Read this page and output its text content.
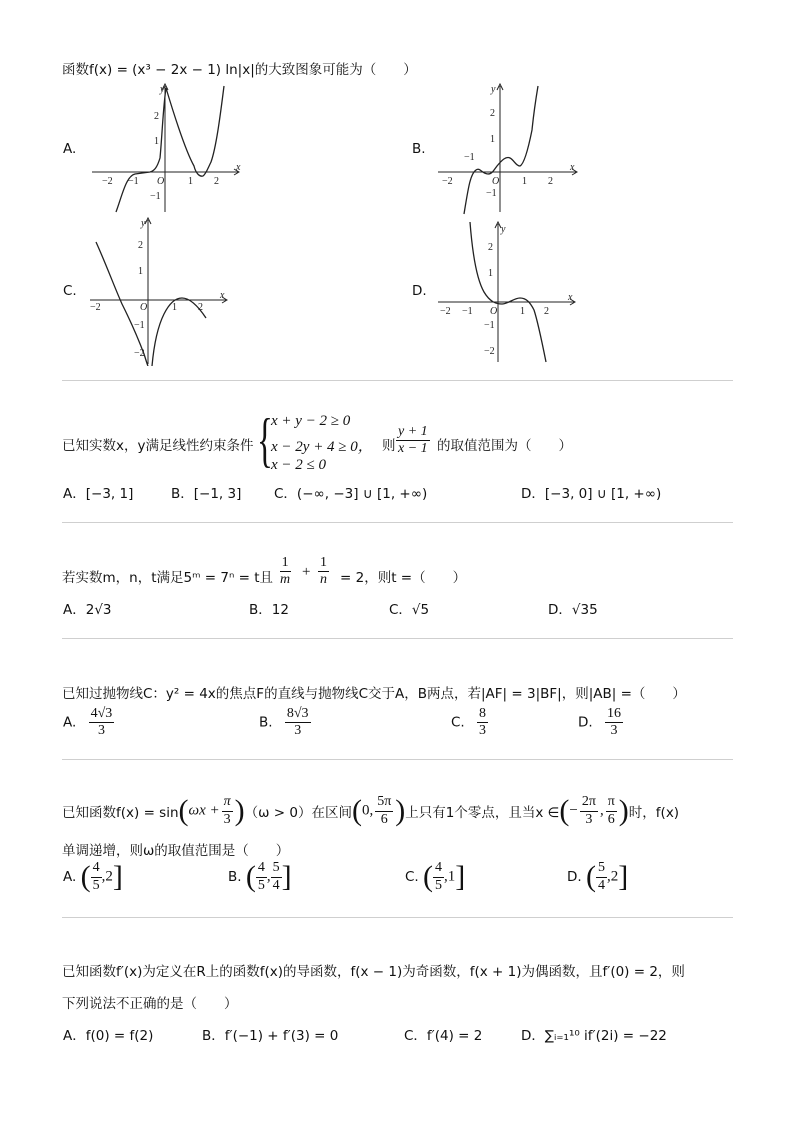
函数f(x) = (x³ − 2x − 1) ln|x|的大致图象可能为（　　）
A.	B.
C.	D.
y
x
O
2
1
−1
−2 −1	1 2
y
x
O
2
1
−1
−2
−1
1 2
y
x
O
2
1
−1
−2
−2	1 2
y
x
O
2
1
−1
−2
−2 −1	1 2
已知实数x，y满足线性约束条件 {
x + y − 2 ≥ 0
x − 2y + 4 ≥ 0，
x − 2 ≤ 0
则 $\frac{y + 1}{x - 1}$ 的取值范围为（　　）
A．[−3, 1]	B．[−1, 3] C．(−∞, −3] ∪ [1, +∞)	D．[−3, 0] ∪ [1, +∞)
若实数m，n，t满足5ᵐ = 7ⁿ = t且 $\frac{1}{m} + \frac{1}{n} = 2$，则t =（　　）
A．2√3	B．12	C．√5	D．√35
已知过抛物线C：y² = 4x的焦点F的直线与抛物线C交于A，B两点，若|AF| = 3|BF|，则|AB| =（　　）
A. $\frac{4√3}{3}$	B. $\frac{8√3}{3}$	C. $\frac{8}{3}$	D. $\frac{16}{3}$
已知函数$f(x) = \sin(\omega x + \frac{\pi}{3} )(\omega > 0)$在区间(0, $\frac{5\pi}{6}$ )上只有1个零点，且当x ∈(− $\frac{2\pi}{3}$ , $\frac{\pi}{6}$ )时，f(x)
单调递增，则ω的取值范围是（　　）
A. ( $\frac{4}{5} ,2$]	B. ( $\frac{4}{5}$ , $\frac{5}{4}$ ]	C. ( $\frac{4}{5} ,1$]	D. ( $\frac{5}{4} ,2$]
已知函数f′(x)为定义在R上的函数f(x)的导函数，f(x − 1)为奇函数，f(x + 1)为偶函数，且f′(0) = 2，则
下列说法不正确的是（　　）
A．f(0) = f(2)	B．f′(−1) + f′(3) = 0	C．f′(4) = 2	D．∑ᵢ₌₁¹⁰ if′(2i) = −22
